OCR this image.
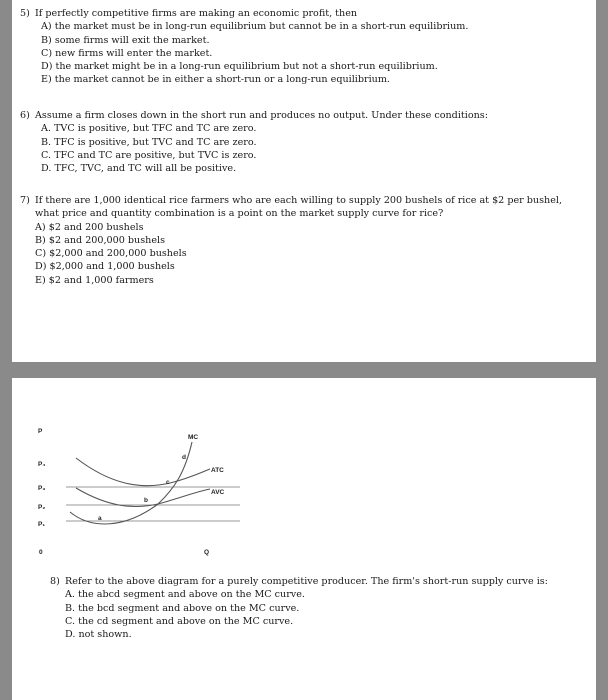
5) If perfectly competitive firms are making an economic profit, then
A) the market must be in long-run equilibrium but cannot be in a short-run equilibrium.
B) some firms will exit the market.
C) new firms will enter the market.
D) the market might be in a long-run equilibrium but not a short-run equilibrium.
E) the market cannot be in either a short-run or a long-run equilibrium.
6) Assume a firm closes down in the short run and produces no output. Under these conditions:
A. TVC is positive, but TFC and TC are zero.
B. TFC is positive, but TVC and TC are zero.
C. TFC and TC are positive, but TVC is zero.
D. TFC, TVC, and TC will all be positive.
7) If there are 1,000 identical rice farmers who are each willing to supply 200 bushels of rice at $2 per bushel,
what price and quantity combination is a point on the market supply curve for rice?
A) $2 and 200 bushels
B) $2 and 200,000 bushels
C) $2,000 and 200,000 bushels
D) $2,000 and 1,000 bushels
E) $2 and 1,000 farmers
P
P₄
P₃
P₂
P₁
0	Q
MC
ATC
AVC
a
b
c
d
8) Refer to the above diagram for a purely competitive producer. The firm's short-run supply curve is:
A. the abcd segment and above on the MC curve.
B. the bcd segment and above on the MC curve.
C. the cd segment and above on the MC curve.
D. not shown.
